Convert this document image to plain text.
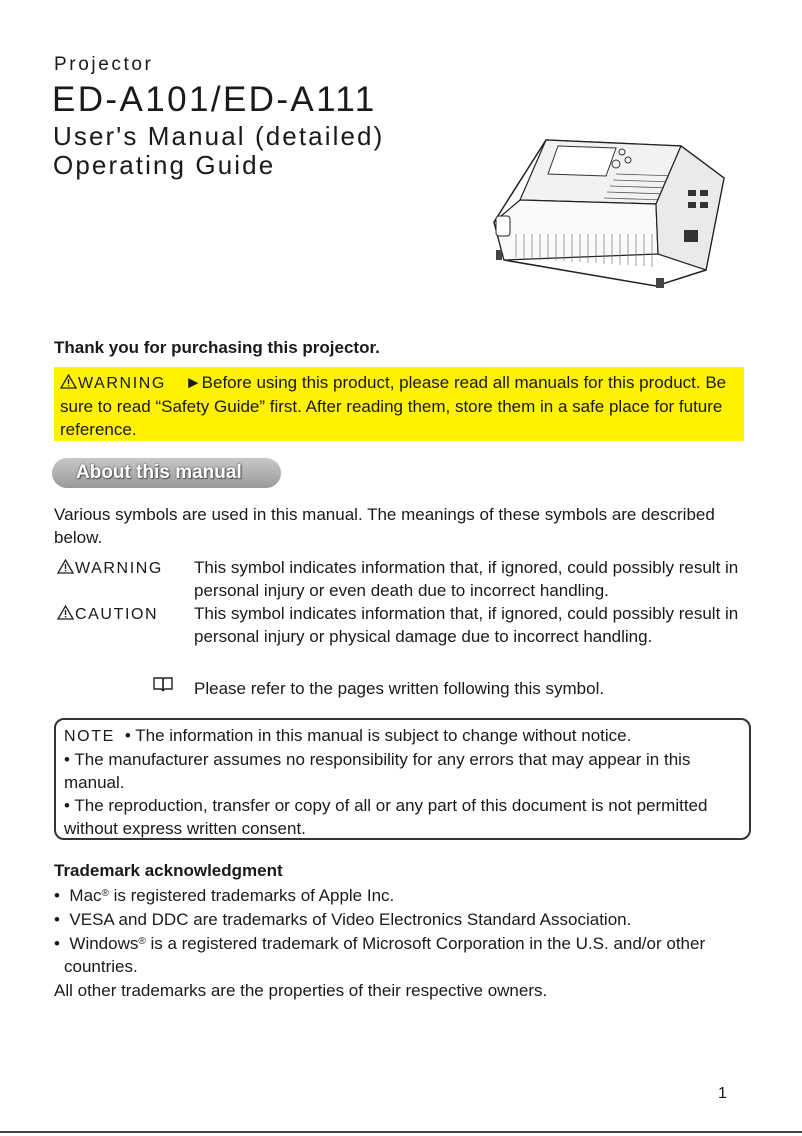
Projector
ED-A101/ED-A111
User's Manual (detailed)
Operating Guide
Thank you for purchasing this projector.
WARNING ►Before using this product, please read all manuals for this product. Be sure to read “Safety Guide” first. After reading them, store them in a safe place for future reference.
About this manual
Various symbols are used in this manual. The meanings of these symbols are described below.
WARNING This symbol indicates information that, if ignored, could possibly result in personal injury or even death due to incorrect handling.
CAUTION This symbol indicates information that, if ignored, could possibly result in personal injury or physical damage due to incorrect handling.
Please refer to the pages written following this symbol.
NOTE • The information in this manual is subject to change without notice.
• The manufacturer assumes no responsibility for any errors that may appear in this manual.
• The reproduction, transfer or copy of all or any part of this document is not permitted without express written consent.
Trademark acknowledgment
• Mac® is registered trademarks of Apple Inc.
• VESA and DDC are trademarks of Video Electronics Standard Association.
• Windows® is a registered trademark of Microsoft Corporation in the U.S. and/or other countries.
All other trademarks are the properties of their respective owners.
1
